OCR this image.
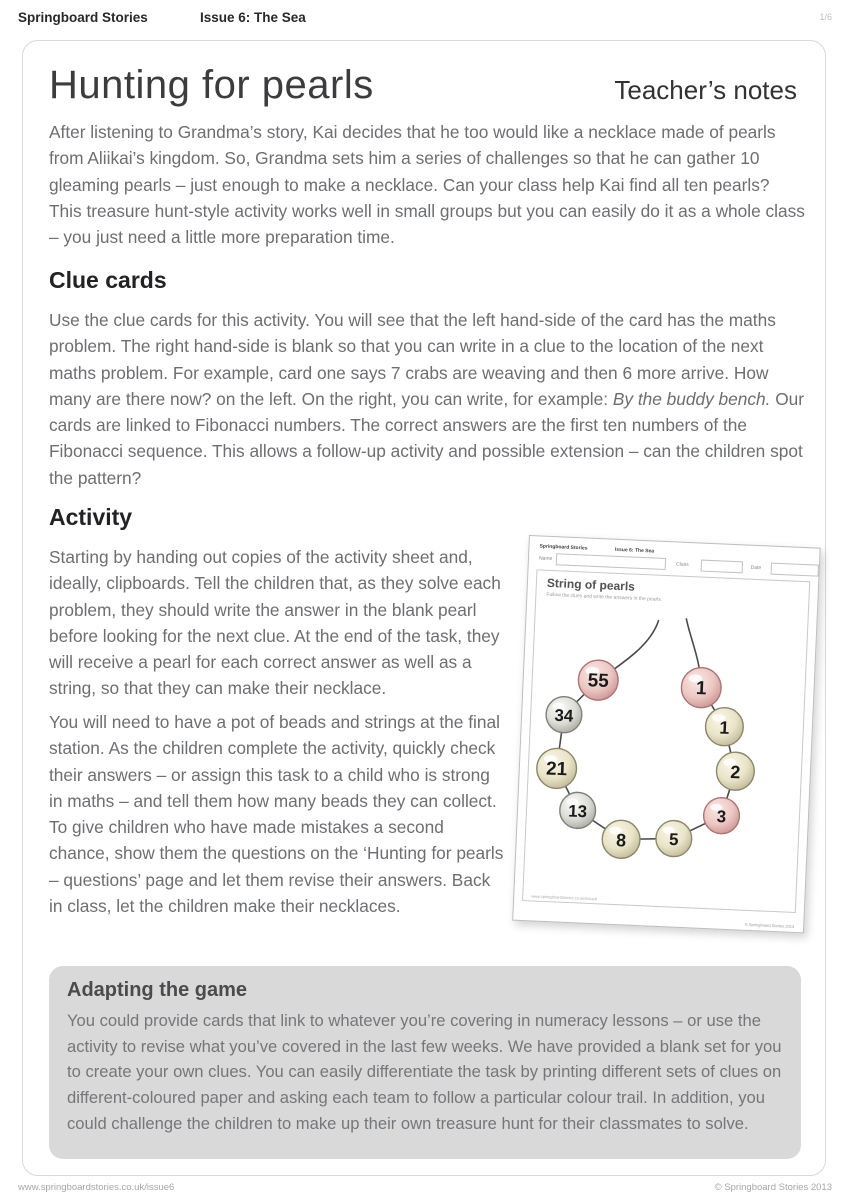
Springboard Stories	Issue 6: The Sea	1/6
Hunting for pearls	Teacher’s notes

After listening to Grandma’s story, Kai decides that he too would like a necklace made of pearls from Aliikai’s kingdom. So, Grandma sets him a series of challenges so that he can gather 10 gleaming pearls – just enough to make a necklace. Can your class help Kai find all ten pearls? This treasure hunt-style activity works well in small groups but you can easily do it as a whole class – you just need a little more preparation time.

Clue cards

Use the clue cards for this activity. You will see that the left hand-side of the card has the maths problem. The right hand-side is blank so that you can write in a clue to the location of the next maths problem. For example, card one says 7 crabs are weaving and then 6 more arrive. How many are there now? on the left. On the right, you can write, for example: By the buddy bench. Our cards are linked to Fibonacci numbers. The correct answers are the first ten numbers of the Fibonacci sequence. This allows a follow-up activity and possible extension – can the children spot the pattern?

Activity

Starting by handing out copies of the activity sheet and, ideally, clipboards. Tell the children that, as they solve each problem, they should write the answer in the blank pearl before looking for the next clue. At the end of the task, they will receive a pearl for each correct answer as well as a string, so that they can make their necklace.

You will need to have a pot of beads and strings at the final station. As the children complete the activity, quickly check their answers – or assign this task to a child who is strong in maths – and tell them how many beads they can collect. To give children who have made mistakes a second chance, show them the questions on the ‘Hunting for pearls – questions’ page and let them revise their answers. Back in class, let the children make their necklaces.

Springboard Stories	Issue 6: The Sea
Name
Class	Date
55
34
21
13
8 5
3
2
1
1
String of pearls
Follow the clues and write the answers in the pearls.
www.springboardstories.co.uk/issue6
© Springboard Stories 2013
Adapting the game

You could provide cards that link to whatever you’re covering in numeracy lessons – or use the activity to revise what you’ve covered in the last few weeks. We have provided a blank set for you to create your own clues. You can easily differentiate the task by printing different sets of clues on different-coloured paper and asking each team to follow a particular colour trail. In addition, you could challenge the children to make up their own treasure hunt for their classmates to solve.

www.springboardstories.co.uk/issue6	© Springboard Stories 2013
